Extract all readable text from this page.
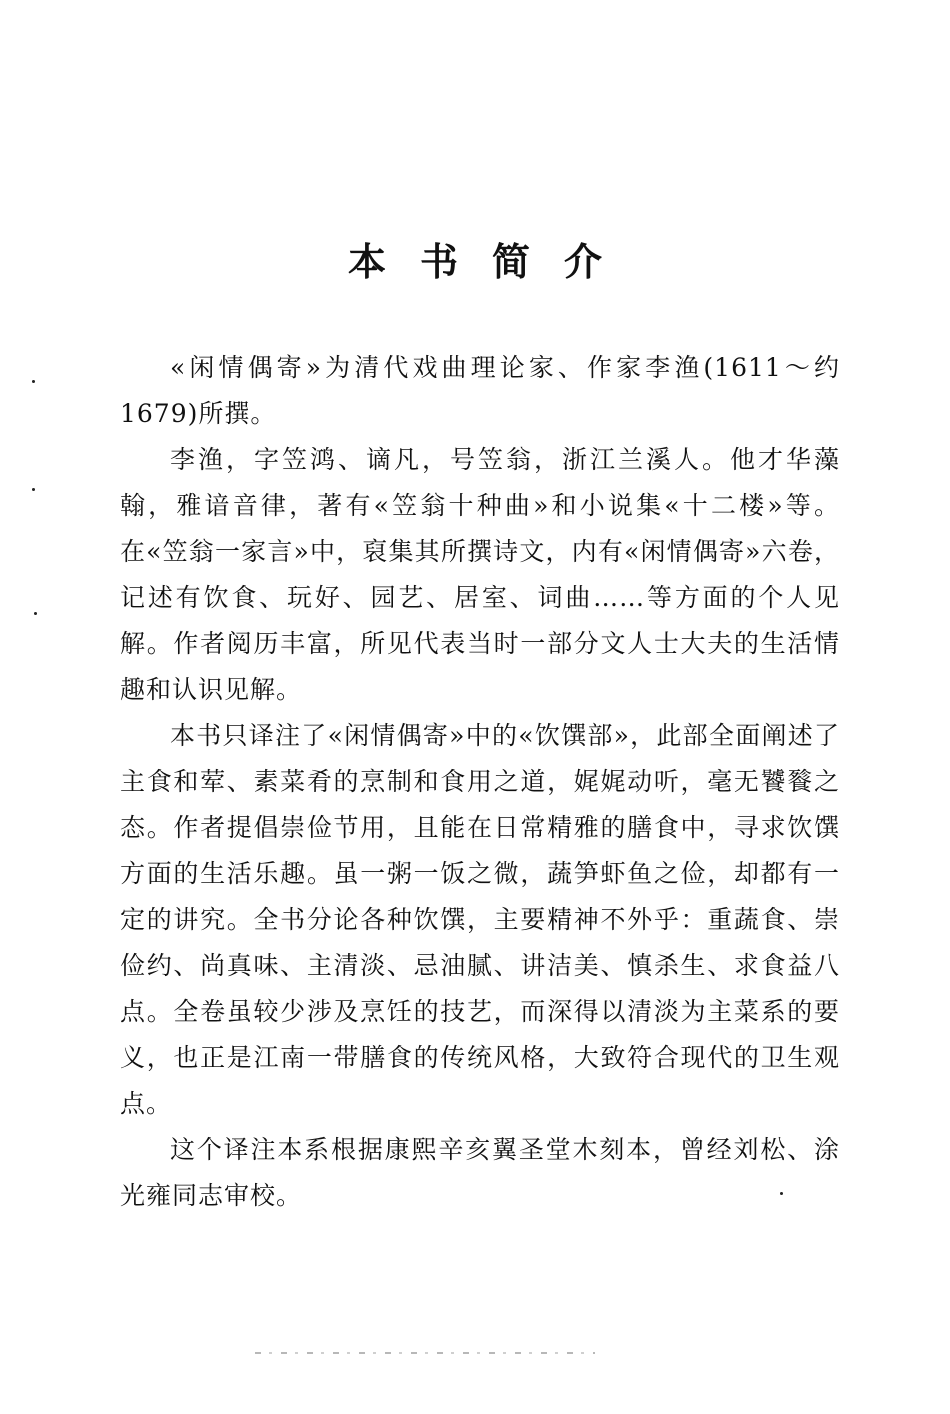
本书简介

«闲情偶寄»为清代戏曲理论家、作家李渔(1611～约1679)所撰。

李渔，字笠鸿、谪凡，号笠翁，浙江兰溪人。他才华藻翰，雅谙音律，著有«笠翁十种曲»和小说集«十二楼»等。在«笠翁一家言»中，裒集其所撰诗文，内有«闲情偶寄»六卷，记述有饮食、玩好、园艺、居室、词曲……等方面的个人见解。作者阅历丰富，所见代表当时一部分文人士大夫的生活情趣和认识见解。

本书只译注了«闲情偶寄»中的«饮馔部»，此部全面阐述了主食和荤、素菜肴的烹制和食用之道，娓娓动听，毫无饕餮之态。作者提倡崇俭节用，且能在日常精雅的膳食中，寻求饮馔方面的生活乐趣。虽一粥一饭之微，蔬笋虾鱼之俭，却都有一定的讲究。全书分论各种饮馔，主要精神不外乎：重蔬食、崇俭约、尚真味、主清淡、忌油腻、讲洁美、慎杀生、求食益八点。全卷虽较少涉及烹饪的技艺，而深得以清淡为主菜系的要义，也正是江南一带膳食的传统风格，大致符合现代的卫生观点。

这个译注本系根据康熙辛亥翼圣堂木刻本，曾经刘松、涂光雍同志审校。
